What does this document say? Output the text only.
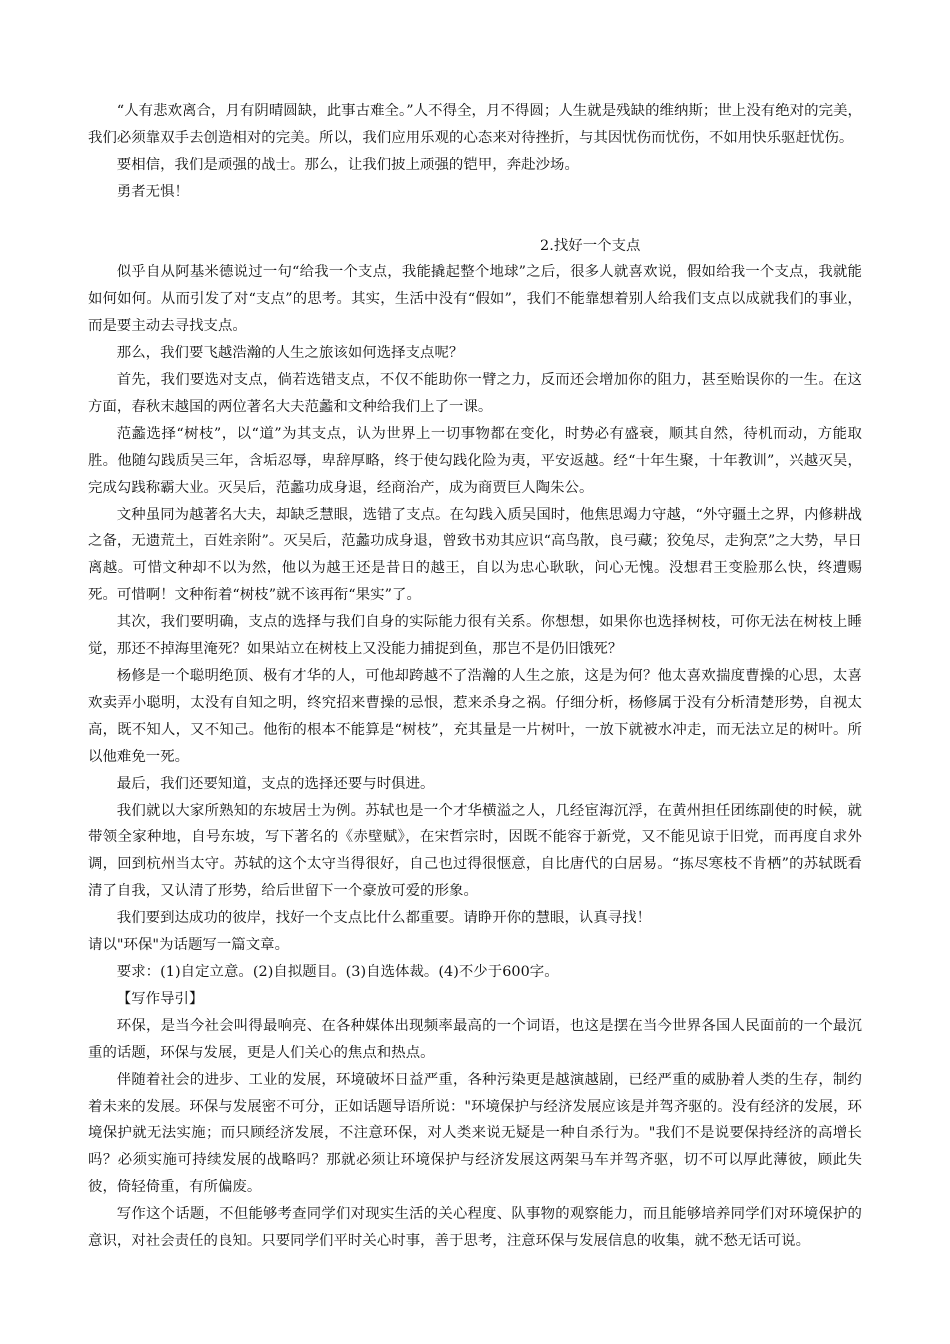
“人有悲欢离合，月有阴晴圆缺，此事古难全。”人不得全，月不得圆；人生就是残缺的维纳斯；世上没有绝对的完美，我们必须靠双手去创造相对的完美。所以，我们应用乐观的心态来对待挫折，与其因忧伤而忧伤，不如用快乐驱赶忧伤。

要相信，我们是顽强的战士。那么，让我们披上顽强的铠甲，奔赴沙场。

勇者无惧！

2.找好一个支点

似乎自从阿基米德说过一句“给我一个支点，我能撬起整个地球”之后，很多人就喜欢说，假如给我一个支点，我就能如何如何。从而引发了对“支点”的思考。其实，生活中没有“假如”，我们不能靠想着别人给我们支点以成就我们的事业，而是要主动去寻找支点。

那么，我们要飞越浩瀚的人生之旅该如何选择支点呢？

首先，我们要选对支点，倘若选错支点，不仅不能助你一臂之力，反而还会增加你的阻力，甚至贻误你的一生。在这方面，春秋末越国的两位著名大夫范蠡和文种给我们上了一课。

范蠡选择“树枝”，以“道”为其支点，认为世界上一切事物都在变化，时势必有盛衰，顺其自然，待机而动，方能取胜。他随勾践质吴三年，含垢忍辱，卑辞厚略，终于使勾践化险为夷，平安返越。经“十年生聚，十年教训”，兴越灭吴，完成勾践称霸大业。灭吴后，范蠡功成身退，经商治产，成为商贾巨人陶朱公。

文种虽同为越著名大夫，却缺乏慧眼，选错了支点。在勾践入质吴国时，他焦思竭力守越，“外守疆土之界，内修耕战之备，无遗荒土，百姓亲附”。灭吴后，范蠡功成身退，曾致书劝其应识“高鸟散，良弓藏；狡兔尽，走狗烹”之大势，早日离越。可惜文种却不以为然，他以为越王还是昔日的越王，自以为忠心耿耿，问心无愧。没想君王变脸那么快，终遭赐死。可惜啊！文种衔着“树枝”就不该再衔“果实”了。

其次，我们要明确，支点的选择与我们自身的实际能力很有关系。你想想，如果你也选择树枝，可你无法在树枝上睡觉，那还不掉海里淹死？如果站立在树枝上又没能力捕捉到鱼，那岂不是仍旧饿死？

杨修是一个聪明绝顶、极有才华的人，可他却跨越不了浩瀚的人生之旅，这是为何？他太喜欢揣度曹操的心思，太喜欢卖弄小聪明，太没有自知之明，终究招来曹操的忌恨，惹来杀身之祸。仔细分析，杨修属于没有分析清楚形势，自视太高，既不知人，又不知己。他衔的根本不能算是“树枝”，充其量是一片树叶，一放下就被水冲走，而无法立足的树叶。所以他难免一死。

最后，我们还要知道，支点的选择还要与时俱进。

我们就以大家所熟知的东坡居士为例。苏轼也是一个才华横溢之人，几经宦海沉浮，在黄州担任团练副使的时候，就带领全家种地，自号东坡，写下著名的《赤壁赋》，在宋哲宗时，因既不能容于新党，又不能见谅于旧党，而再度自求外调，回到杭州当太守。苏轼的这个太守当得很好，自己也过得很惬意，自比唐代的白居易。“拣尽寒枝不肯栖”的苏轼既看清了自我，又认清了形势，给后世留下一个豪放可爱的形象。

我们要到达成功的彼岸，找好一个支点比什么都重要。请睁开你的慧眼，认真寻找！

请以"环保"为话题写一篇文章。

要求：(1)自定立意。(2)自拟题目。(3)自选体裁。(4)不少于600字。

【写作导引】

环保，是当今社会叫得最响亮、在各种媒体出现频率最高的一个词语，也这是摆在当今世界各国人民面前的一个最沉重的话题，环保与发展，更是人们关心的焦点和热点。

伴随着社会的进步、工业的发展，环境破坏日益严重，各种污染更是越演越剧，已经严重的威胁着人类的生存，制约着未来的发展。环保与发展密不可分，正如话题导语所说："环境保护与经济发展应该是并驾齐驱的。没有经济的发展，环境保护就无法实施；而只顾经济发展，不注意环保，对人类来说无疑是一种自杀行为。"我们不是说要保持经济的高增长吗？必须实施可持续发展的战略吗？那就必须让环境保护与经济发展这两架马车并驾齐驱，切不可以厚此薄彼，顾此失彼，倚轻倚重，有所偏废。

写作这个话题，不但能够考查同学们对现实生活的关心程度、队事物的观察能力，而且能够培养同学们对环境保护的意识，对社会责任的良知。只要同学们平时关心时事，善于思考，注意环保与发展信息的收集，就不愁无话可说。
